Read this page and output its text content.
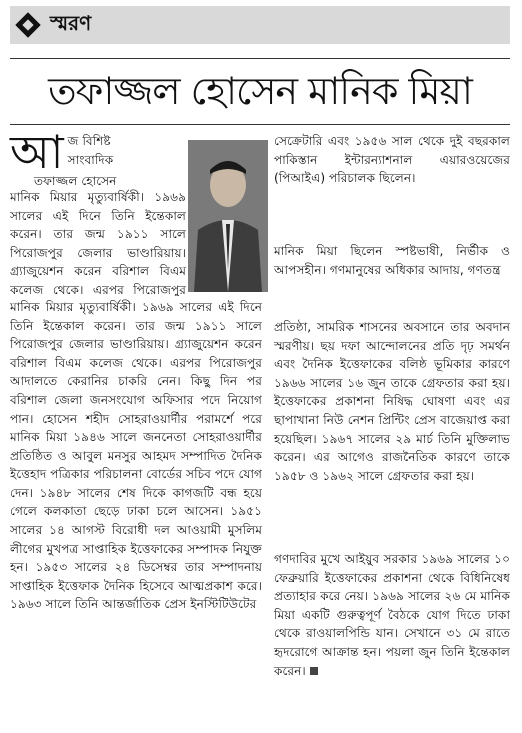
স্মরণ
তফাজ্জল হোসেন মানিক মিয়া
আ জ বিশিষ্ট

সাংবাদিক

তফাজ্জল হোসেন

মানিক মিয়ার মৃত্যুবার্ষিকী। ১৯৬৯ সালের এই দিনে তিনি ইন্তেকাল করেন। তার জন্ম ১৯১১ সালে পিরোজপুর জেলার ভাণ্ডারিয়ায়। গ্র্যাজুয়েশন করেন বরিশাল বিএম কলেজ থেকে। এরপর পিরোজপুর
মানিক মিয়ার মৃত্যুবার্ষিকী। ১৯৬৯ সালের এই দিনে তিনি ইন্তেকাল করেন। তার জন্ম ১৯১১ সালে পিরোজপুর জেলার ভাণ্ডারিয়ায়। গ্র্যাজুয়েশন করেন বরিশাল বিএম কলেজ থেকে। এরপর পিরোজপুর আদালতে কেরানির চাকরি নেন। কিছু দিন পর বরিশাল জেলা জনসংযোগ অফিসার পদে নিয়োগ পান। হোসেন শহীদ সোহরাওয়ার্দীর পরামর্শে পরে
মানিক মিয়া ১৯৪৬ সালে জননেতা সোহরাওয়ার্দীর প্রতিষ্ঠিত ও আবুল মনসুর আহমদ সম্পাদিত দৈনিক ইত্তেহাদ পত্রিকার পরিচালনা বোর্ডের সচিব পদে যোগ দেন। ১৯৪৮ সালের শেষ দিকে কাগজটি বন্ধ হয়ে গেলে কলকাতা ছেড়ে ঢাকা চলে আসেন। ১৯৫১ সালের ১৪ আগস্ট বিরোধী দল আওয়ামী মুসলিম লীগের মুখপত্র সাপ্তাহিক ইত্তেফাকের সম্পাদক নিযুক্ত হন। ১৯৫৩ সালের ২৪ ডিসেম্বর তার সম্পাদনায় সাপ্তাহিক ইত্তেফাক দৈনিক হিসেবে আত্মপ্রকাশ করে। ১৯৬৩ সালে তিনি আন্তর্জাতিক প্রেস ইনস্টিটিউটের
সেক্রেটারি এবং ১৯৫৬ সাল থেকে দুই বছরকাল পাকিস্তান ইন্টারন্যাশনাল এয়ারওয়েজের (পিআইএ) পরিচালক ছিলেন।
মানিক মিয়া ছিলেন স্পষ্টভাষী, নির্ভীক ও আপসহীন। গণমানুষের অধিকার আদায়, গণতন্ত্র
প্রতিষ্ঠা, সামরিক শাসনের অবসানে তার অবদান স্মরণীয়। ছয় দফা আন্দোলনের প্রতি দৃঢ় সমর্থন এবং দৈনিক ইত্তেফাকের বলিষ্ঠ ভূমিকার কারণে ১৯৬৬ সালের ১৬ জুন তাকে গ্রেফতার করা হয়। ইত্তেফাকের প্রকাশনা নিষিদ্ধ ঘোষণা এবং এর ছাপাখানা নিউ নেশন প্রিন্টিং প্রেস বাজেয়াপ্ত করা হয়েছিল। ১৯৬৭ সালের ২৯ মার্চ তিনি মুক্তিলাভ করেন। এর আগেও রাজনৈতিক কারণে তাকে ১৯৫৮ ও ১৯৬২ সালে গ্রেফতার করা হয়।
গণদাবির মুখে আইয়ুব সরকার ১৯৬৯ সালের ১০ ফেব্রুয়ারি ইত্তেফাকের প্রকাশনা থেকে বিধিনিষেধ প্রত্যাহার করে নেয়। ১৯৬৯ সালের ২৬ মে মানিক মিয়া একটি গুরুত্বপূর্ণ বৈঠকে যোগ দিতে ঢাকা থেকে রাওয়ালপিন্ডি যান। সেখানে ৩১ মে রাতে হৃদরোগে আক্রান্ত হন। পয়লা জুন তিনি ইন্তেকাল করেন।
